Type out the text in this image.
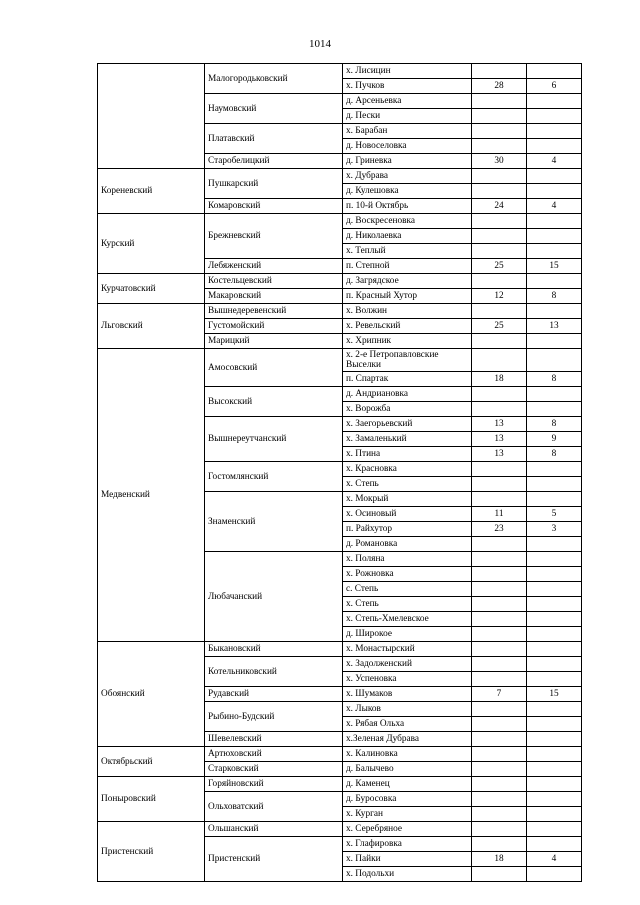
1014
	Малогородьковский	х. Лисицин		
		х. Пучков	28	6
	Наумовский	д. Арсеньевка		
		д. Пески		
	Платавский	х. Барабан		
		д. Новоселовка		
	Старобелицкий	д. Гриневка	30	4
Кореневский	Пушкарский	х. Дубрава		
		д. Кулешовка		
	Комаровский	п. 10-й Октябрь	24	4
Курский	Брежневский	д. Воскресеновка		
		д. Николаевка		
		х. Теплый		
	Лебяженский	п. Степной	25	15
Курчатовский	Костельцевский	д. Загрядское		
	Макаровский	п. Красный Хутор	12	8
Льговский	Вышнедеревенский	х. Волжин		
	Густомойский	х. Ревельский	25	13
	Марицкий	х. Хрипник		
Медвенский	Амосовский	х. 2-е Петропавловские Выселки		
		п. Спартак	18	8
	Высокский	д. Андриановка		
		х. Ворожба		
	Вышнереутчанский	х. Заегорьевский	13	8
		х. Замаленький	13	9
		х. Птина	13	8
	Гостомлянский	х. Красновка		
		х. Степь		
	Знаменский	х. Мокрый		
		х. Осиновый	11	5
		п. Райхутор	23	3
		д. Романовка		
	Любачанский	х. Поляна		
		х. Рожновка		
		с. Степь		
		х. Степь		
		х. Степь-Хмелевское		
		д. Широкое		
Обоянский	Быкановский	х. Монастырский		
	Котельниковский	х. Задолженский		
		х. Успеновка		
	Рудавский	х. Шумаков	7	15
	Рыбино-Будский	х. Лыков		
		х. Рябая Ольха		
	Шевелевский	х.Зеленая Дубрава		
Октябрьский	Артюховский	х. Калиновка		
	Старковский	д. Балычево		
Поныровский	Горяйновский	д. Каменец		
	Ольховатский	д. Буросовка		
		х. Курган		
Пристенский	Ольшанский	х. Серебряное		
	Пристенский	х. Глафировка		
		х. Пайки	18	4
		х. Подольхи		
